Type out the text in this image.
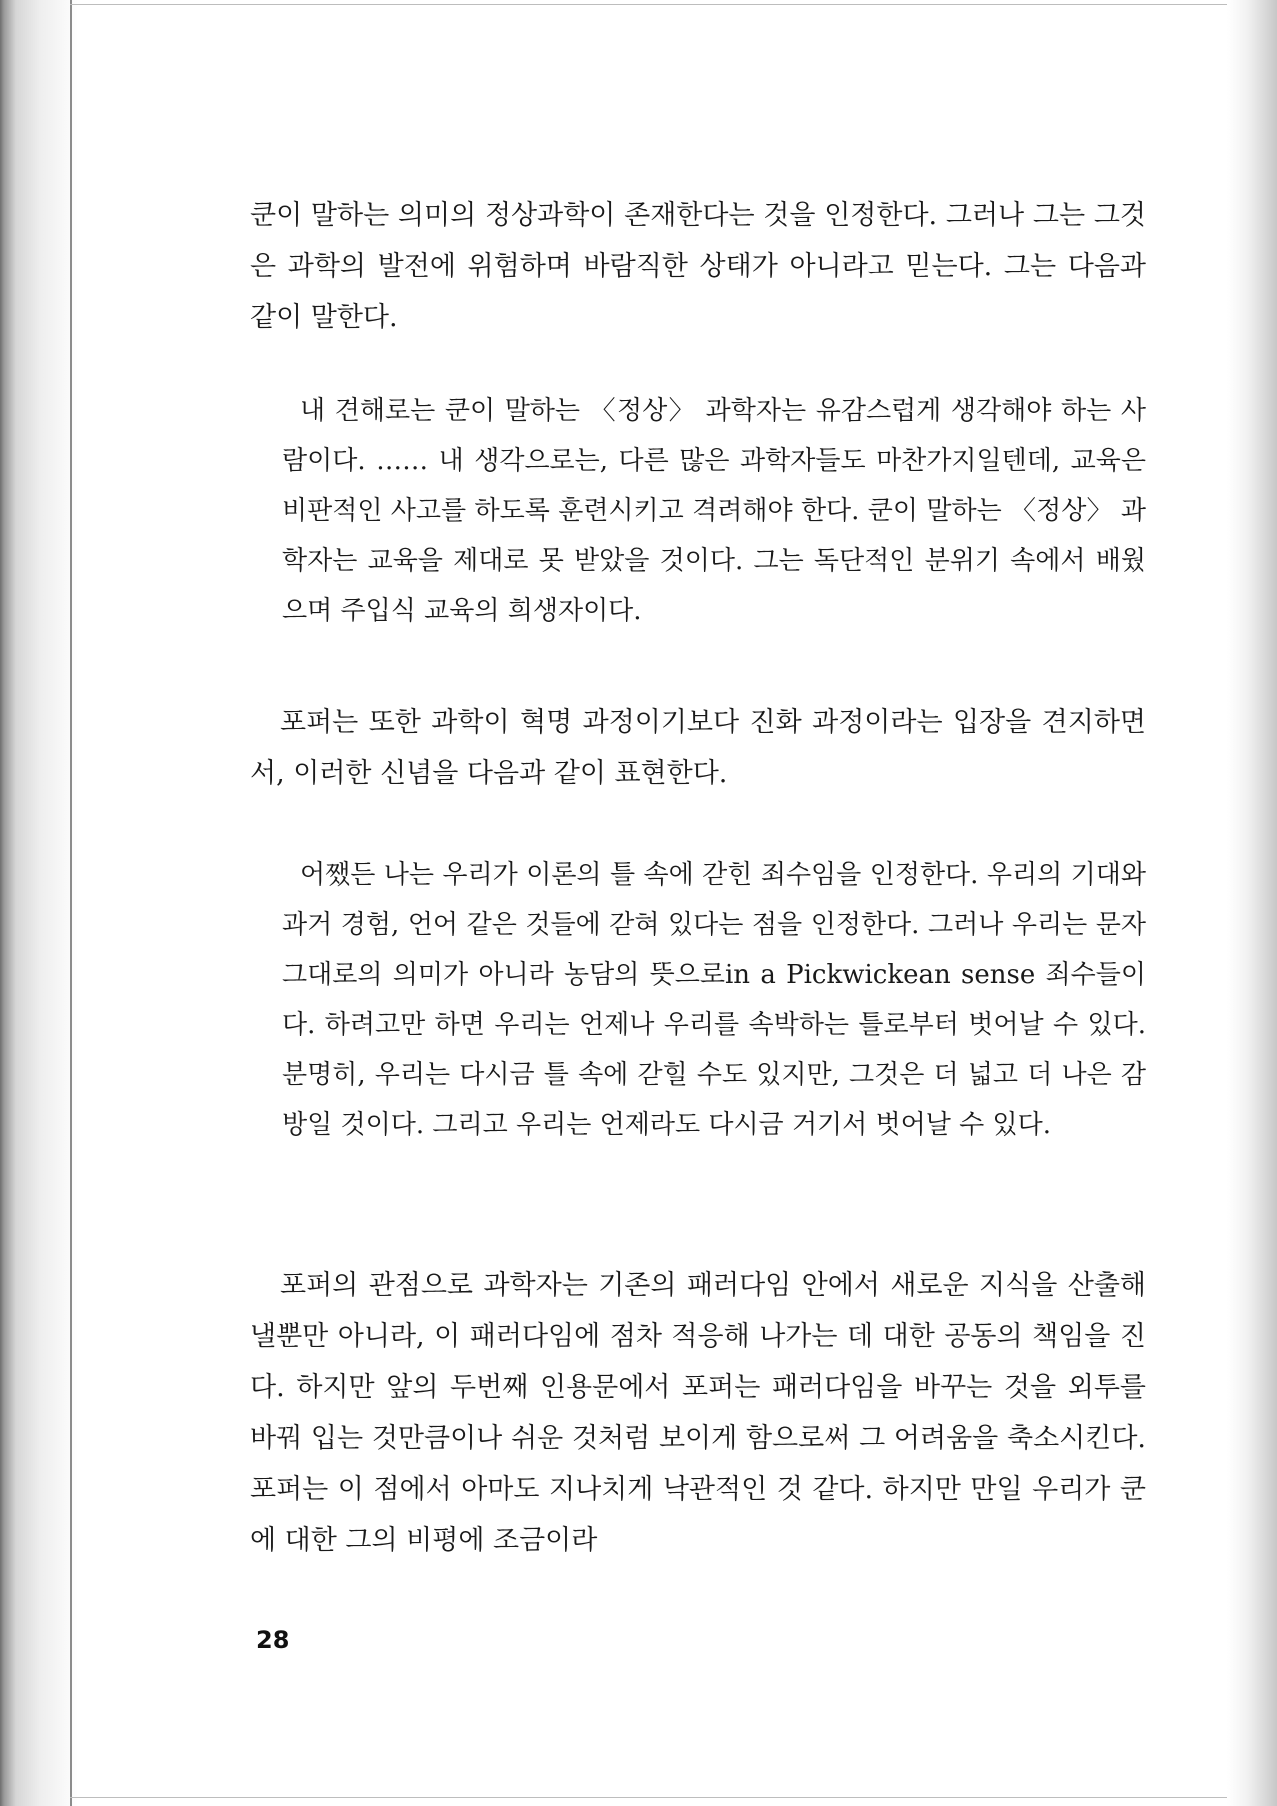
쿤이 말하는 의미의 정상과학이 존재한다는 것을 인정한다. 그러나 그는 그것은 과학의 발전에 위험하며 바람직한 상태가 아니라고 믿는다. 그는 다음과 같이 말한다.

내 견해로는 쿤이 말하는 〈정상〉 과학자는 유감스럽게 생각해야 하는 사람이다. …… 내 생각으로는, 다른 많은 과학자들도 마찬가지일텐데, 교육은 비판적인 사고를 하도록 훈련시키고 격려해야 한다. 쿤이 말하는 〈정상〉 과학자는 교육을 제대로 못 받았을 것이다. 그는 독단적인 분위기 속에서 배웠으며 주입식 교육의 희생자이다.

포퍼는 또한 과학이 혁명 과정이기보다 진화 과정이라는 입장을 견지하면서, 이러한 신념을 다음과 같이 표현한다.

어쨌든 나는 우리가 이론의 틀 속에 갇힌 죄수임을 인정한다. 우리의 기대와 과거 경험, 언어 같은 것들에 갇혀 있다는 점을 인정한다. 그러나 우리는 문자 그대로의 의미가 아니라 농담의 뜻으로in a Pickwickean sense 죄수들이다. 하려고만 하면 우리는 언제나 우리를 속박하는 틀로부터 벗어날 수 있다. 분명히, 우리는 다시금 틀 속에 갇힐 수도 있지만, 그것은 더 넓고 더 나은 감방일 것이다. 그리고 우리는 언제라도 다시금 거기서 벗어날 수 있다.

포퍼의 관점으로 과학자는 기존의 패러다임 안에서 새로운 지식을 산출해 낼뿐만 아니라, 이 패러다임에 점차 적응해 나가는 데 대한 공동의 책임을 진다. 하지만 앞의 두번째 인용문에서 포퍼는 패러다임을 바꾸는 것을 외투를 바꿔 입는 것만큼이나 쉬운 것처럼 보이게 함으로써 그 어려움을 축소시킨다. 포퍼는 이 점에서 아마도 지나치게 낙관적인 것 같다. 하지만 만일 우리가 쿤에 대한 그의 비평에 조금이라

28
